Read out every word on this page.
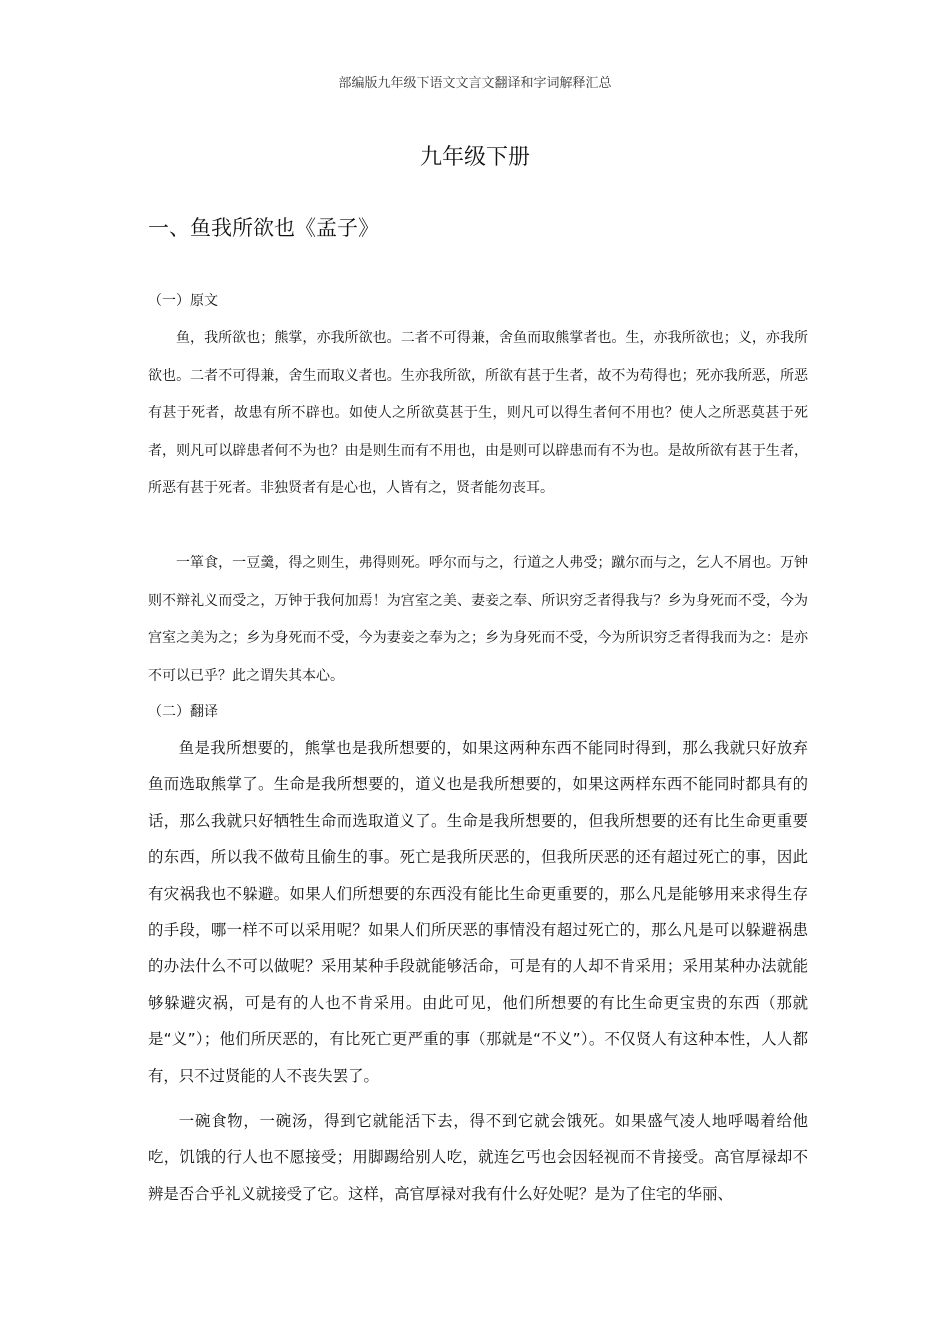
部编版九年级下语文文言文翻译和字词解释汇总
九年级下册
一、鱼我所欲也《孟子》
（一）原文

鱼，我所欲也；熊掌，亦我所欲也。二者不可得兼，舍鱼而取熊掌者也。生，亦我所欲也；义，亦我所欲也。二者不可得兼，舍生而取义者也。生亦我所欲，所欲有甚于生者，故不为苟得也；死亦我所恶，所恶有甚于死者，故患有所不辟也。如使人之所欲莫甚于生，则凡可以得生者何不用也？使人之所恶莫甚于死者，则凡可以辟患者何不为也？由是则生而有不用也，由是则可以辟患而有不为也。是故所欲有甚于生者，所恶有甚于死者。非独贤者有是心也，人皆有之，贤者能勿丧耳。

一箪食，一豆羹，得之则生，弗得则死。呼尔而与之，行道之人弗受；蹴尔而与之，乞人不屑也。万钟则不辩礼义而受之，万钟于我何加焉！为宫室之美、妻妾之奉、所识穷乏者得我与？乡为身死而不受，今为宫室之美为之；乡为身死而不受，今为妻妾之奉为之；乡为身死而不受，今为所识穷乏者得我而为之：是亦不可以已乎？此之谓失其本心。

（二）翻译

鱼是我所想要的，熊掌也是我所想要的，如果这两种东西不能同时得到，那么我就只好放弃鱼而选取熊掌了。生命是我所想要的，道义也是我所想要的，如果这两样东西不能同时都具有的话，那么我就只好牺牲生命而选取道义了。生命是我所想要的，但我所想要的还有比生命更重要的东西，所以我不做苟且偷生的事。死亡是我所厌恶的，但我所厌恶的还有超过死亡的事，因此有灾祸我也不躲避。如果人们所想要的东西没有能比生命更重要的，那么凡是能够用来求得生存的手段，哪一样不可以采用呢？如果人们所厌恶的事情没有超过死亡的，那么凡是可以躲避祸患的办法什么不可以做呢？采用某种手段就能够活命，可是有的人却不肯采用；采用某种办法就能够躲避灾祸，可是有的人也不肯采用。由此可见，他们所想要的有比生命更宝贵的东西（那就是“义”）；他们所厌恶的，有比死亡更严重的事（那就是“不义”）。不仅贤人有这种本性，人人都有，只不过贤能的人不丧失罢了。

一碗食物，一碗汤，得到它就能活下去，得不到它就会饿死。如果盛气凌人地呼喝着给他吃，饥饿的行人也不愿接受；用脚踢给别人吃，就连乞丐也会因轻视而不肯接受。高官厚禄却不辨是否合乎礼义就接受了它。这样，高官厚禄对我有什么好处呢？是为了住宅的华丽、
